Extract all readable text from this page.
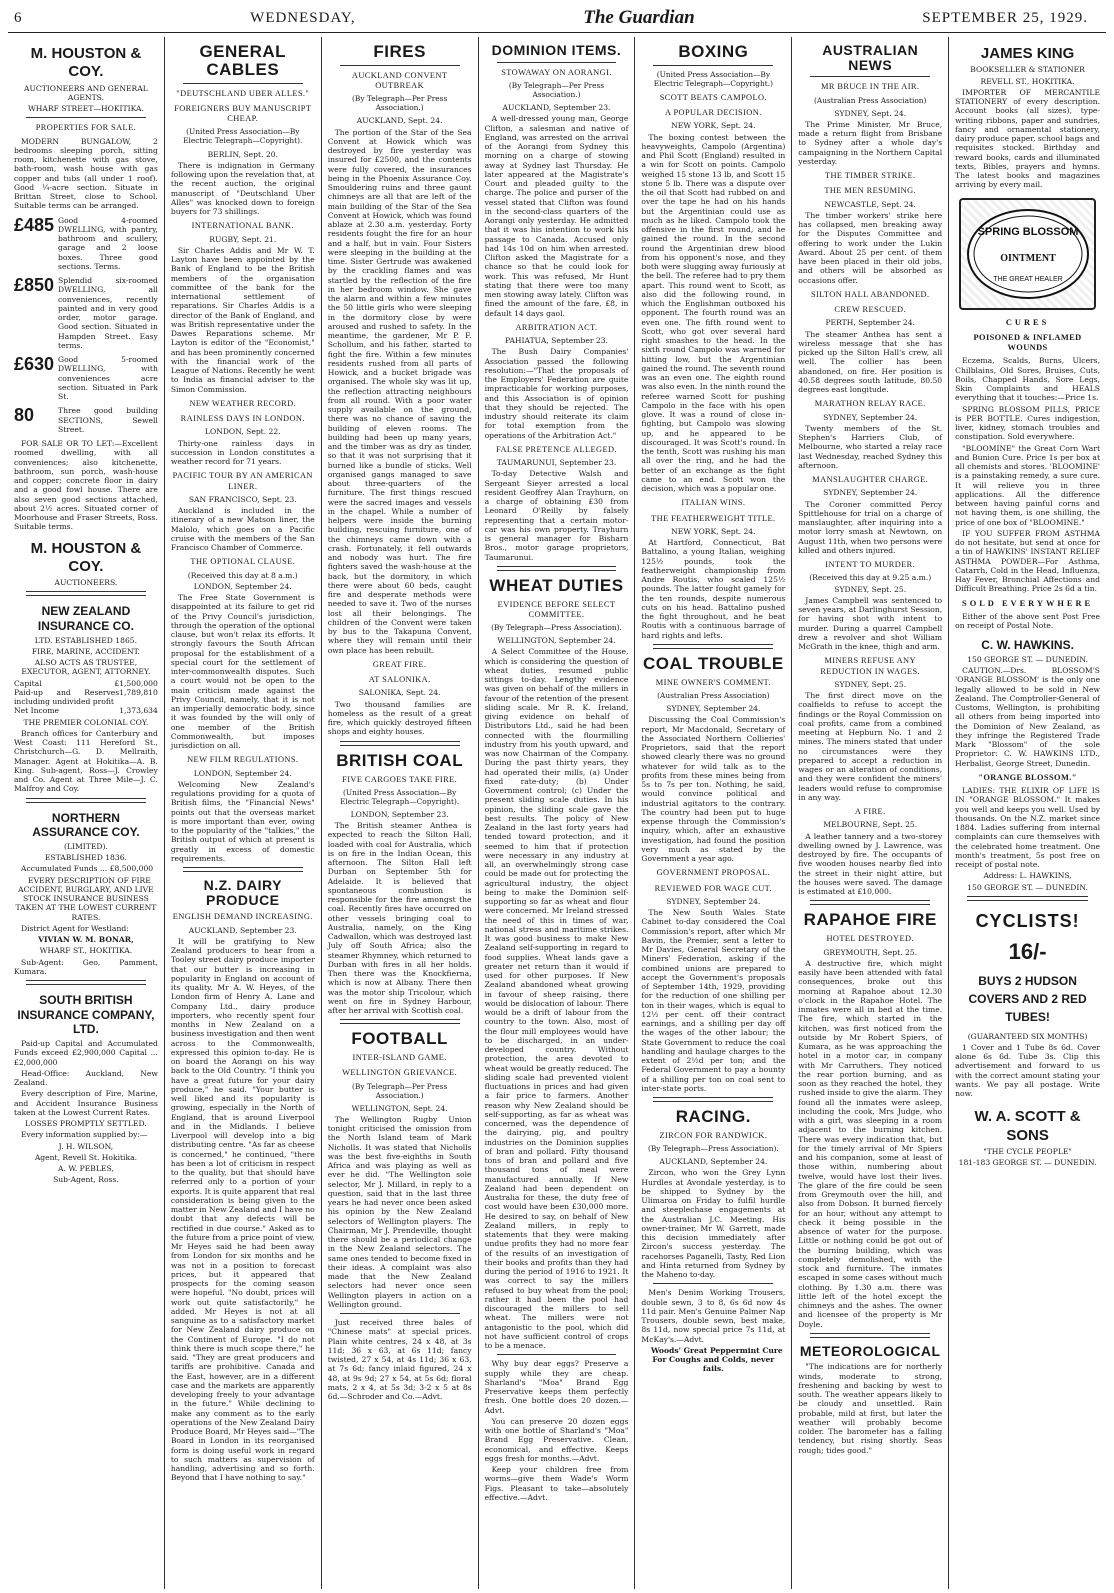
6	WEDNESDAY,	The Guardian	SEPTEMBER 25, 1929.
M. HOUSTON & COY.
AUCTIONEERS AND GENERAL AGENTS.
WHARF STREET—HOKITIKA.
PROPERTIES FOR SALE.

MODERN BUNGALOW, 2 bedrooms sleeping porch, sitting room, kitchenette with gas stove, bath-room, wash house with gas copper and tubs (all under 1 roof). Good ¼-acre section. Situate in Brittan Street, close to School. Suitable terms can be arranged.

£485 Good 4-roomed DWELLING, with pantry, bathroom and scullery, garage and 2 loose boxes. Three good sections. Terms.
£850 Splendid six-roomed DWELLING, all conveniences, recently painted and in very good order, motor garage. Good section. Situated in Hampden Street. Easy terms.
£630 Good 5-roomed DWELLING, with conveniences acre section. Situated in Park St.
80	Three good building SECTIONS, Sewell Street.

FOR SALE OR TO LET:—Excellent roomed dwelling, with all conveniences; also kitchenette, bathroom, sun porch, wash-house and copper; concrete floor in dairy and a good fowl house. There are also seven good sections attached, about 2½ acres. Situated corner of Moorhouse and Fraser Streets, Ross. Suitable terms.

M. HOUSTON & COY.
AUCTIONEERS.
NEW ZEALAND INSURANCE CO.
LTD. ESTABLISHED 1865.
FIRE, MARINE, ACCIDENT.
ALSO ACTS AS TRUSTEE, EXECUTOR, AGENT, ATTORNEY.
Capital	£1,500,000
Paid-up and Reserves including undivided profit
1,789,810
Net Income	1,373,634
THE PREMIER COLONIAL COY.

Branch offices for Canterbury and West Coast: 111 Hereford St., Christchurch—G. D. Mellraith, Manager. Agent at Hokitika—A. B. King. Sub-agent, Ross—J. Crowley and Co. Agent at Three Mile—J. C. Malfroy and Coy.

NORTHERN ASSURANCE COY.
(LIMITED).
ESTABLISHED 1836.

Accumulated Funds ... £8,500,000

EVERY DESCRIPTION OF FIRE ACCIDENT, BURGLARY, AND LIVE STOCK INSURANCE BUSINESS TAKEN AT THE LOWEST CURRENT RATES.

District Agent for Westland:

VIVIAN W. M. BONAR,
WHARF ST., HOKITIKA.

Sub-Agent: Geo, Pamment, Kumara.

SOUTH BRITISH INSURANCE COMPANY, LTD.

Paid-up Capital and Accumulated Funds exceed £2,900,000 Capital ... £2,000,000

Head-Office: Auckland, New Zealand.

Every description of Fire, Marine, and Accident Insurance Business taken at the Lowest Current Rates.

LOSSES PROMPTLY SETTLED.

Every information supplied by:—

J. H. WILSON,
Agent, Revell St. Hokitika.
A. W. PEBLES,
Sub-Agent, Ross.
GENERAL CABLES
"DEUTSCHLAND UBER ALLES."
FOREIGNERS BUY MANUSCRIPT CHEAP.
(United Press Association—By Electric Telegraph—Copyright).
BERLIN, Sept. 20.

There is indignation in Germany following upon the revelation that, at the recent auction, the original manuscript of "Deutschland Uber Alles" was knocked down to foreign buyers for 73 shillings.

INTERNATIONAL BANK.
RUGBY, Sept. 21.

Sir Charles Addis and Mr W. T. Layton have been appointed by the Bank of England to be the British members of the organisation committee of the bank for the international settlement of reparations. Sir Charles Addis is a director of the Bank of England, and was British representative under the Dawes Reparations scheme. Mr Layton is editor of the "Economist," and has been prominently concerned with the financial work of the League of Nations. Recently he went to India as financial adviser to the Simon Commission.

NEW WEATHER RECORD.
RAINLESS DAYS IN LONDON.
LONDON, Sept. 22.

Thirty-one rainless days in succession in London constitutes a weather record for 71 years.

PACIFIC TOUR BY AN AMERICAN LINER.
SAN FRANCISCO, Sept. 23.

Auckland is included in the itinerary of a new Matson liner, the Malolo, which goes on a Pacific cruise with the members of the San Francisco Chamber of Commerce.

THE OPTIONAL CLAUSE.
(Received this day at 8 a.m.)
LONDON, September 24.

The Free State Government is disappointed at its failure to get rid of the Privy Council's jurisdiction, through the operation of the optional clause, but won't relax its efforts. It strongly favours the South African proposal for the establishment of a special court for the settlement of inter-commonwealth disputes. Such a court would not be open to the main criticism made against the Privy Council, namely, that it is not an imperially democratic body, since it was founded by the will only of one member of the British Commonwealth, but imposes jurisdiction on all.

NEW FILM REGULATIONS.
LONDON, September 24.

Welcoming New Zealand's regulations providing for a quota of British films, the "Financial News" points out that the overseas market is more important than ever, owing to the popularity of the "talkies," the British output of which at present is greatly in excess of domestic requirements.

N.Z. DAIRY PRODUCE
ENGLISH DEMAND INCREASING.
AUCKLAND, September 23.

It will be gratifying to New Zealand producers to hear from a Tooley street dairy produce importer that our butter is increasing in popularity in England on account of its quality. Mr A. W. Heyes, of the London firm of Henry A. Lane and Company Ltd., dairy produce importers, who recently spent four months in New Zealand on a business investigation and then went across to the Commonwealth, expressed this opinion to-day. He is on board the Aorangi on his way back to the Old Country. "I think you have a great future for your dairy produce," he said. "Your butter is well liked and its popularity is growing, especially in the North of England, that is around Liverpool and in the Midlands. I believe Liverpool will develop into a big distributing centre. "As far as cheese is concerned," he continued, "there has been a lot of criticism in respect to the quality, but that should have referred only to a portion of your exports. It is quite apparent that real consideration is being given to the matter in New Zealand and I have no doubt that any defects will be rectified in due course." Asked as to the future from a price point of view, Mr Heyes said he had been away from London for six months and he was not in a position to forecast prices, but it appeared that prospects for the coming season were hopeful. "No doubt, prices will work out quite satisfactorily," he added. Mr Heyes is not at all sanguine as to a satisfactory market for New Zealand dairy produce on the Continent of Europe. "I do not think there is much scope there," he said. "They are great producers and tariffs are prohibitive. Canada and the East, however, are in a different case and the markets are apparently developing freely to your advantage in the future." While declining to make any comment as to the early operations of the New Zealand Dairy Produce Board, Mr Heyes said—"The Board in London in its reorganised form is doing useful work in regard to such matters as supervision of handling, advertising and so forth. Beyond that I have nothing to say."

FIRES
AUCKLAND CONVENT OUTBREAK
(By Telegraph—Per Press Association.)
AUCKLAND, Sept. 24.

The portion of the Star of the Sea Convent at Howick which was destroyed by fire yesterday was insured for £2500, and the contents were fully covered, the insurances being in the Phoenix Assurance Coy. Smouldering ruins and three gaunt chimneys are all that are left of the main building of the Star of the Sea Convent at Howick, which was found ablaze at 2.30 a.m. yesterday. Forty residents fought the fire for an hour and a half, but in vain. Four Sisters were sleeping in the building at the time. Sister Gertrude was awakened by the crackling flames and was startled by the reflection of the fire in her bedroom window. She gave the alarm and within a few minutes the 50 little girls who were sleeping in the dormitory close by were aroused and rushed to safety. In the meantime, the gardener, Mr P. F. Schollum, and his father, started to fight the fire. Within a few minutes residents rushed from all parts of Howick, and a bucket brigade was organised. The whole sky was lit up, the reflection attracting neighbours from all round. With a poor water supply available on the ground, there was no chance of saving the building of eleven rooms. The building had been up many years, and the timber was as dry as tinder, so that it was not surprising that it burned like a bundle of sticks. Well organised gangs managed to save about three-quarters of the furniture. The first things rescued were the sacred images and vessels in the chapel. While a number of helpers were inside the burning building, rescuing furniture, one of the chimneys came down with a crash. Fortunately, it fell outwards and nobody was hurt. The fire fighters saved the wash-house at the back, but the dormitory, in which there were about 60 beds, caught fire and desperate methods were needed to save it. Two of the nurses lost all their belongings. The children of the Convent were taken by bus to the Takapuna Convent, where they will remain until their own place has been rebuilt.

GREAT FIRE.
AT SALONIKA.
SALONIKA, Sept. 24.

Two thousand families are homeless as the result of a great fire, which quickly destroyed fifteen shops and eighty houses.

BRITISH COAL
FIVE CARGOES TAKE FIRE.
(United Press Association—By Electric Telegraph—Copyright).
LONDON, September 23.

The British steamer Anthea is expected to reach the Silton Hall, loaded with coal for Australia, which is on fire in the Indian Ocean, this afternoon. The Silton Hall left Durban on September 5th for Adelaide. It is believed that spontaneous combustion is responsible for the fire amongst the coal. Recently fires have occurred on other vessels bringing coal to Australia, namely, on the King Cadwallon, which was destroyed last July off South Africa; also the steamer Rhymney, which returned to Durban with fires in all her holds. Then there was the Knockfierna, which is now at Albany. There then was the motor ship Tricolour, which went on fire in Sydney Harbour, after her arrival with Scottish coal.

FOOTBALL
INTER-ISLAND GAME.
WELLINGTON GRIEVANCE.
(By Telegraph—Per Press Association.)
WELLINGTON, Sept. 24.

The Wellington Rugby Union tonight criticised the omission from the North Island team of Mark Nicholls. It was stated that Nicholls was the best five-eighths in South Africa and was playing as well as ever he did. "The Wellington sole selector, Mr J. Millard, in reply to a question, said that in the last three years he had never once been asked his opinion by the New Zealand selectors of Wellington players. The Chairman, Mr J. Prendeville, thought there should be a periodical change in the New Zealand selectors. The same ones tended to become fixed in their ideas. A complaint was also made that the New Zealand selectors had never once seen Wellington players in action on a Wellington ground.

Just received three bales of "Chinese mats" at special prices. Plain white centres, 24 x 48, at 3s 11d; 36 x 63, at 6s 11d; fancy twisted, 27 x 54, at 4s 11d; 36 x 63, at 7s 6d; fancy inlaid figured, 24 x 48, at 9s 9d; 27 x 54, at 5s 6d; floral mats, 2 x 4, at 5s 3d; 3-2 x 5 at 8s 6d.—Schroder and Co.—Advt.

DOMINION ITEMS.
STOWAWAY ON AORANGI.
(By Telegraph—Per Press Association.)
AUCKLAND, September 23.

A well-dressed young man, George Clifton, a salesman and native of England, was arrested on the arrival of the Aorangi from Sydney this morning on a charge of stowing away at Sydney last Thursday. He later appeared at the Magistrate's Court and pleaded guilty to the charge. The police and purser of the vessel stated that Clifton was found in the second-class quarters of the Aorangi only yesterday. He admitted that it was his intention to work his passage to Canada. Accused only had 14s 10d on him when arrested. Clifton asked the Magistrate for a chance so that he could look for work. This was refused, Mr Hunt stating that there were too many men stowing away lately. Clifton was fined the amount of the fare, £8, in default 14 days gaol.

ARBITRATION ACT.
PAHIATUA, September 23.

The Bush Dairy Companies' Association passed the following resolution:—"That the proposals of the Employers' Federation are quite impracticable for working purposes, and this Association is of opinion that they should be rejected. The industry should reiterate its claim for total exemption from the operations of the Arbitration Act."

FALSE PRETENCE ALLEGED.
TAUMARUNUI, September 23.

To-day Detective Walsh and Sergeant Sieyer arrested a local resident Geoffrey Alan Trayhurn, on a charge of obtaining £30 from Leonard O'Reilly by falsely representing that a certain motor-car was his own property. Trayhurn is general manager for Bisharn Bros., motor garage proprietors, Taumarunui.

WHEAT DUTIES
EVIDENCE BEFORE SELECT COMMITTEE.
(By Telegraph—Press Association).
WELLINGTON, September 24.

A Select Committee of the House, which is considering the question of wheat duties, resumed public sittings to-day. Lengthy evidence was given on behalf of the millers in favour of the retention of the present sliding scale. Mr R. K. Ireland, giving evidence on behalf of Distributors Ltd., said he had been connected with the flourmilling industry from his youth upward, and was now Chairman of the Company. During the past thirty years, they had operated their mills, (a) Under fixed rate-duty; (b) Under Government control; (c) Under the present sliding scale duties. In his opinion, the sliding scale gave the best results. The policy of New Zealand in the last forty years had tended toward protection, and it seemed to him that if protection were necessary in any industry at all, an overwhelmingly strong case could be made out for protecting the agricultural industry, the object being to make the Dominion self-supporting so far as wheat and flour were concerned. Mr Ireland stressed the need of this in times of war, national stress and maritime strikes. It was good business to make New Zealand self-supporting in regard to food supplies. Wheat lands gave a greater net return than it would if used for other purposes. If New Zealand abandoned wheat growing in favour of sheep raising, there would be dislocation of labour. There would be a drift of labour from the country to the town. Also, most of the flour mill employees would have to be discharged, in an under-developed country. Without protection, the area devoted to wheat would be greatly reduced. The sliding scale had prevented violent fluctuations in prices and had given a fair price to farmers. Another reason why New Zealand should be self-supporting, as far as wheat was concerned, was the dependence of the dairying, pig, and poultry industries on the Dominion supplies of bran and pollard. Fifty thousand tons of bran and pollard and five thousand tons of meal were manufactured annually. If New Zealand had been dependent on Australia for these, the duty free of cost would have been £30,000 more. He desired to say, on behalf of New Zealand millers, in reply to statements that they were making undue profits they had no more fear of the results of an investigation of their books and profits than they had during the period of 1916 to 1921. It was correct to say the millers refused to buy wheat from the pool; rather it had been the pool had discouraged the millers to sell wheat. The millers were not antagonistic to the pool, which did not have sufficient control of crops to be a menace.

Why buy dear eggs? Preserve a supply while they are cheap. Sharland's "Moa" Brand Egg Preservative keeps them perfectly fresh. One bottle does 20 dozen.—Advt.

You can preserve 20 dozen eggs with one bottle of Sharland's "Moa" Brand Egg Preservative. Clean, economical, and effective. Keeps eggs fresh for months.—Advt.

Keep your children free from worms—give them Wade's Worm Figs. Pleasant to take—absolutely effective.—Advt.

BOXING
(United Press Association—By Electric Telegraph—Copyright.)
SCOTT BEATS CAMPOLO.
A POPULAR DECISION.
NEW YORK, Sept. 24.

The boxing contest between the heavyweights, Campolo (Argentina) and Phil Scott (England) resulted in a win for Scott on points. Campolo weighed 15 stone 13 lb, and Scott 15 stone 5 lb. There was a dispute over the oil that Scott had rubbed on and over the tape he had on his hands but the Argentinian could use as much as he liked. Campolo took the offensive in the first round, and he gained the round. In the second round the Argentinian drew blood from his opponent's nose, and they both were slugging away furiously at the bell. The referee had to pry them apart. This round went to Scott, as also did the following round, in which the Englishman outboxed his opponent. The fourth round was an even one. The fifth round went to Scott, who got over several hard right smashes to the head. In the sixth round Campolo was warned for hitting low, but the Argentinian gained the round. The seventh round was an even one. The eighth round was also even. In the ninth round the referee warned Scott for pushing Campolo in the face with his open glove. It was a round of close in-fighting, but Campolo was slowing up, and he appeared to be discouraged. It was Scott's round. In the tenth, Scott was rushing his man all over the ring, and he had the better of an exchange as the fight came to an end. Scott won the decision, which was a popular one.

ITALIAN WINS.
THE FEATHERWEIGHT TITLE.
NEW YORK, Sept. 24.

At Hartford, Connecticut, Bat Battalino, a young Italian, weighing 125½ pounds, took the featherweight championship from Andre Routis, who scaled 125½ pounds. The latter fought gamely for the ten rounds, despite numerous cuts on his head. Battalino pushed the fight throughout, and he beat Routis with a continuous barrage of hard rights and lefts.

COAL TROUBLE
MINE OWNER'S COMMENT.
(Australian Press Association)
SYDNEY, September 24.

Discussing the Coal Commission's report, Mr Macdonald, Secretary of the Associated Northern Collieries' Proprietors, said that the report showed clearly there was no ground whatever for wild talk as to the profits from these mines being from 5s to 7s per ton. Nothing, he said, would convince political and industrial agitators to the contrary. The country had been put to huge expense through the Commission's inquiry, which, after an exhaustive investigation, had found the position very much as stated by the Government a year ago.

GOVERNMENT PROPOSAL.
REVIEWED FOR WAGE CUT.
SYDNEY, September 24.

The New South Wales State Cabinet to-day considered the Coal Commission's report, after which Mr Bavin, the Premier, sent a letter to Mr Davies, General Secretary of the Miners' Federation, asking if the combined unions are prepared to accept the Government's proposals of September 14th, 1929, providing for the reduction of one shilling per ton in their wages, which is equal to 12½ per cent. off their contract earnings, and a shilling per day off the wages of the other labour; the State Government to reduce the coal handling and haulage charges to the extent of 2½d per ton; and the Federal Government to pay a bounty of a shilling per ton on coal sent to inter-state ports.

RACING.
ZIRCON FOR RANDWICK.
(By Telegraph—Press Association).
AUCKLAND, September 24.

Zircon, who won the Grey Lynn Hurdles at Avondale yesterday, is to be shipped to Sydney by the Ulimaroa on Friday to fulfil hurdle and steeplechase engagements at the Australian J.C. Meeting. His owner-trainer, Mr W. Garrett, made this decision immediately after Zircon's success yesterday. The racehorses Paganelli, Tasty, Red Lion and Hinta returned from Sydney by the Maheno to-day.

Men's Denim Working Trousers, double sewn, 3 to 8, 6s 6d now 4s 11d pair. Men's Genuine Palmer Nap Trousers, double sewn, best make, 8s 11d, now special price 7s 11d, at McKay's.—Advt.

Woods' Great Peppermint Cure For Coughs and Colds, never fails.

AUSTRALIAN NEWS
MR BRUCE IN THE AIR.
(Australian Press Association)
SYDNEY, Sept. 24.

The Prime Minister, Mr Bruce, made a return flight from Brisbane to Sydney after a whole day's campaigning in the Northern Capital yesterday.

THE TIMBER STRIKE.
THE MEN RESUMING.
NEWCASTLE, Sept. 24.

The timber workers' strike here has collapsed, men breaking away for the Disputes Committee and offering to work under the Lukin Award. About 25 per cent. of them have been placed in their old jobs, and others will be absorbed as occasions offer.

SILTON HALL ABANDONED.
CREW RESCUED.
PERTH, September 24.

The steamer Anthea has sent a wireless message that she has picked up the Silton Hall's crew, all well. The collier has been abandoned, on fire. Her position is 40.58 degrees south latitude, 80.50 degrees east longitude.

MARATHON RELAY RACE.
SYDNEY, September 24.

Twenty members of the St. Stephen's Harriers Club, of Melbourne, who started a relay race last Wednesday, reached Sydney this afternoon.

MANSLAUGHTER CHARGE.
SYDNEY, September 24.

The Coroner committed Percy Spittlehouse for trial on a charge of manslaughter, after inquiring into a motor lorry smash at Newtown, on August 11th, when two persons were killed and others injured.

INTENT TO MURDER.
(Received this day at 9.25 a.m.)
SYDNEY, Sept. 25.

James Campbell was sentenced to seven years, at Darlinghurst Session, for having shot with intent to murder. During a quarrel Campbell drew a revolver and shot William McGrath in the knee, thigh and arm.

MINERS REFUSE ANY REDUCTION IN WAGES.
SYDNEY, Sept. 25.

The first direct move on the coalfields to refuse to accept the findings or the Royal Commission on coal profits, came from a combined meeting at Hepburn No. 1 and 2 mines. The miners stated that under no circumstances were they prepared to accept a reduction in wages or an alteration of conditions, and they were confident the miners' leaders would refuse to compromise in any way.

A FIRE.
MELBOURNE, Sept. 25.

A leather tannery and a two-storey dwelling owned by J. Lawrence, was destroyed by fire. The occupants of five wooden houses nearby fled into the street in their night attire, but the houses were saved. The damage is estimated at £10,000.

RAPAHOE FIRE
HOTEL DESTROYED.
GREYMOUTH, Sept. 25.

A destructive fire, which might easily have been attended with fatal consequences, broke out this morning at Rapahoe about 12.30 o'clock in the Rapahoe Hotel. The inmates were all in bed at the time. The fire, which started in the kitchen, was first noticed from the outside by Mr Robert Spiers, of Kumara, as he was approaching the hotel in a motor car, in company with Mr Carruthers. They noticed the rear portion burning, and as soon as they reached the hotel, they rushed inside to give the alarm. They found all the inmates were asleep, including the cook, Mrs Judge, who with a girl, was sleeping in a room adjacent to the burning kitchen. There was every indication that, but for the timely arrival of Mr Spiers and his companion, some at least of those within, numbering about twelve, would have lost their lives. The glare of the fire could be seen from Greymouth over the hill, and also from Dobson. It burned fiercely for an hour, without any attempt to check it being possible in the absence of water for the purpose. Little or nothing could be got out of the burning building, which was completely demolished, with the stock and furniture. The inmates escaped in some cases without much clothing. By 1.30 a.m. there was little left of the hotel except the chimneys and the ashes. The owner and licensee of the property is Mr Doyle.

METEOROLOGICAL

"The indications are for northerly winds, moderate to strong, freshening and backing by west to south. The weather appears likely to be cloudy and unsettled. Rain probable, mild at first, but later the weather will probably become colder. The barometer has a falling tendency, but rising shortly. Seas rough; tides good."

JAMES KING
BOOKSELLER & STATIONER
REVELL ST., HOKITIKA.

IMPORTER OF MERCANTILE STATIONERY of every description. Account books (all sizes), type-writing ribbons, paper and sundries, fancy and ornamental stationery, dairy produce paper, school bags and requisites stocked. Birthday and reward books, cards and illuminated texts, Bibles, prayers and hymns. The latest books and magazines arriving by every mail.

SPRING BLOSSOM
OINTMENT
THE GREAT HEALER
CURES
POISONED & INFLAMED WOUNDS

Eczema, Scalds, Burns, Ulcers, Chilblains, Old Sores, Bruises, Cuts, Boils, Chapped Hands, Sore Legs, Skin Complaints and HEALS everything that it touches:—Price 1s.

SPRING BLOSSOM PILLS, PRICE is PER BOTTLE. Cures indigestion, liver, kidney, stomach troubles and constipation. Sold everywhere.

"BLOOMINE" the Great Corn Wart and Bunion Cure. Price 1s per box at all chemists and stores. 'BLOOMINE' is a painstaking remedy, a sure cure. It will relieve you in three applications. All the difference between having painful corns and not having them, is one shilling, the price of one box of "BLOOMINE."

IF YOU SUFFER FROM ASTHMA do not hesitate, but send at once for a tin of HAWKINS' INSTANT RELIEF ASTHMA POWDER—For Asthma, Catarrh, Cold in the Head, Influenza, Hay Fever, Bronchial Affections and Difficult Breathing. Price 2s 6d a tin.

SOLD EVERYWHERE

Either of the above sent Post Free on receipt of Postal Note.

C. W. HAWKINS.
150 GEORGE ST. — DUNEDIN.

CAUTION.—Drs. BLOSSOM'S 'ORANGE BLOSSOM' is the only one legally allowed to be sold in New Zealand. The Comptroller-General of Customs, Wellington, is prohibiting all others from being imported into the Dominion of New Zealand, as they infringe the Registered Trade Mark "Blossom" of the sole Proprietor: C. W. HAWKINS LTD., Herbalist, George Street, Dunedin.

"ORANGE BLOSSOM."

LADIES: THE ELIXIR OF LIFE IS IN "ORANGE BLOSSOM." It makes you well and keeps you well. Used by thousands. On the N.Z. market since 1884. Ladies suffering from internal complaints can cure themselves with the celebrated home treatment. One month's treatment, 5s post free on receipt of postal note.

Address: L. HAWKINS,
150 GEORGE ST. — DUNEDIN.
CYCLISTS!
16/-
BUYS 2 HUDSON COVERS AND 2 RED TUBES!
(GUARANTEED SIX MONTHS)

1 Cover and 1 Tube 8s 6d. Cover alone 6s 6d. Tube 3s. Clip this advertisement and forward to us with the correct amount stating your wants. We pay all postage. Write now.

W. A. SCOTT & SONS
"THE CYCLE PEOPLE"
181-183 GEORGE ST. — DUNEDIN.
